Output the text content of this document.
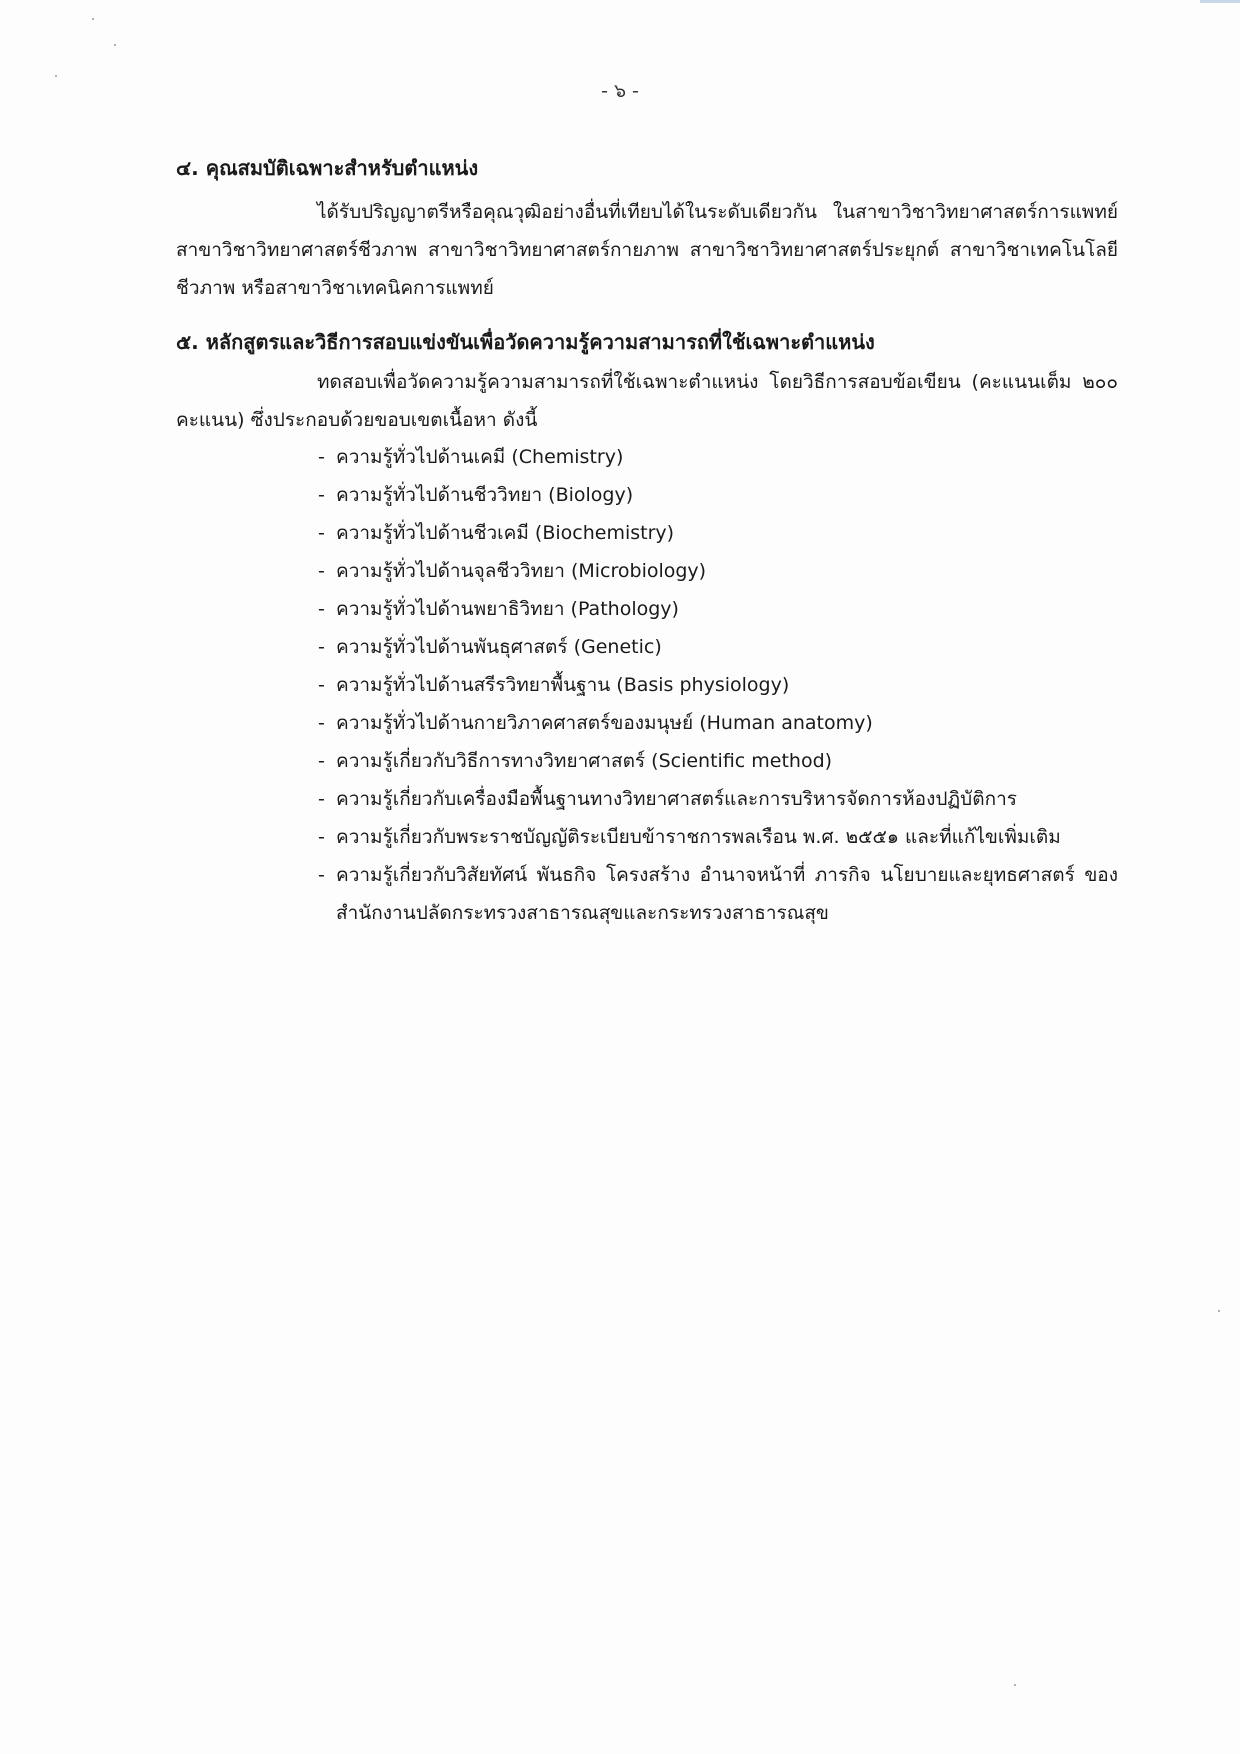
- ๖ -
๔. คุณสมบัติเฉพาะสำหรับตำแหน่ง

ได้รับปริญญาตรีหรือคุณวุฒิอย่างอื่นที่เทียบได้ในระดับเดียวกัน ในสาขาวิชาวิทยาศาสตร์การแพทย์ สาขาวิชาวิทยาศาสตร์ชีวภาพ สาขาวิชาวิทยาศาสตร์กายภาพ สาขาวิชาวิทยาศาสตร์ประยุกต์ สาขาวิชาเทคโนโลยีชีวภาพ หรือสาขาวิชาเทคนิคการแพทย์

๕. หลักสูตรและวิธีการสอบแข่งขันเพื่อวัดความรู้ความสามารถที่ใช้เฉพาะตำแหน่ง

ทดสอบเพื่อวัดความรู้ความสามารถที่ใช้เฉพาะตำแหน่ง โดยวิธีการสอบข้อเขียน (คะแนนเต็ม ๒๐๐ คะแนน) ซึ่งประกอบด้วยขอบเขตเนื้อหา ดังนี้

- ความรู้ทั่วไปด้านเคมี (Chemistry)
- ความรู้ทั่วไปด้านชีววิทยา (Biology)
- ความรู้ทั่วไปด้านชีวเคมี (Biochemistry)
- ความรู้ทั่วไปด้านจุลชีววิทยา (Microbiology)
- ความรู้ทั่วไปด้านพยาธิวิทยา (Pathology)
- ความรู้ทั่วไปด้านพันธุศาสตร์ (Genetic)
- ความรู้ทั่วไปด้านสรีรวิทยาพื้นฐาน (Basis physiology)
- ความรู้ทั่วไปด้านกายวิภาคศาสตร์ของมนุษย์ (Human anatomy)
- ความรู้เกี่ยวกับวิธีการทางวิทยาศาสตร์ (Scientific method)
- ความรู้เกี่ยวกับเครื่องมือพื้นฐานทางวิทยาศาสตร์และการบริหารจัดการห้องปฏิบัติการ
- ความรู้เกี่ยวกับพระราชบัญญัติระเบียบข้าราชการพลเรือน พ.ศ. ๒๕๕๑ และที่แก้ไขเพิ่มเติม
- ความรู้เกี่ยวกับวิสัยทัศน์ พันธกิจ โครงสร้าง อำนาจหน้าที่ ภารกิจ นโยบายและยุทธศาสตร์ ของสำนักงานปลัดกระทรวงสาธารณสุขและกระทรวงสาธารณสุข
